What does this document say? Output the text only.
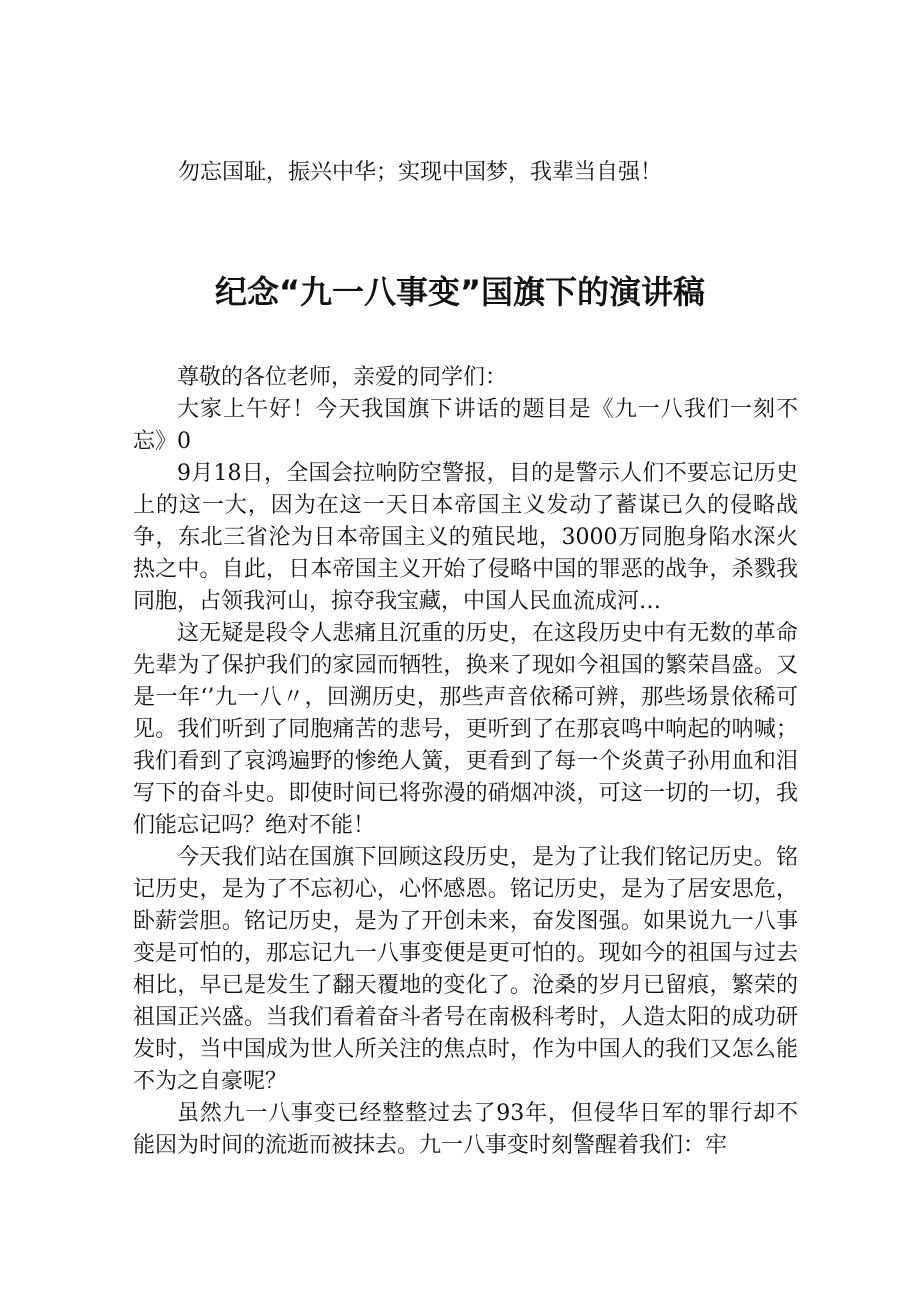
勿忘国耻，振兴中华；实现中国梦，我辈当自强！

纪念“九一八事变”国旗下的演讲稿

尊敬的各位老师，亲爱的同学们：

大家上午好！今天我国旗下讲话的题目是《九一八我们一刻不忘》0

9月18日，全国会拉响防空警报，目的是警示人们不要忘记历史上的这一大，因为在这一天日本帝国主义发动了蓄谋已久的侵略战争，东北三省沦为日本帝国主义的殖民地，3000万同胞身陷水深火热之中。自此，日本帝国主义开始了侵略中国的罪恶的战争，杀戮我同胞，占领我河山，掠夺我宝藏，中国人民血流成河…

这无疑是段令人悲痛且沉重的历史，在这段历史中有无数的革命先辈为了保护我们的家园而牺牲，换来了现如今祖国的繁荣昌盛。又是一年‘’九一八〃，回溯历史，那些声音依稀可辨，那些场景依稀可见。我们听到了同胞痛苦的悲号，更听到了在那哀鸣中响起的呐喊；我们看到了哀鸿遍野的惨绝人簧，更看到了每一个炎黄子孙用血和泪写下的奋斗史。即使时间已将弥漫的硝烟冲淡，可这一切的一切，我们能忘记吗？绝对不能！

今天我们站在国旗下回顾这段历史，是为了让我们铭记历史。铭记历史，是为了不忘初心，心怀感恩。铭记历史，是为了居安思危，卧薪尝胆。铭记历史，是为了开创未来，奋发图强。如果说九一八事变是可怕的，那忘记九一八事变便是更可怕的。现如今的祖国与过去相比，早已是发生了翻天覆地的变化了。沧桑的岁月已留痕，繁荣的祖国正兴盛。当我们看着奋斗者号在南极科考时，人造太阳的成功研发时，当中国成为世人所关注的焦点时，作为中国人的我们又怎么能不为之自豪呢？

虽然九一八事变已经整整过去了93年，但侵华日军的罪行却不能因为时间的流逝而被抹去。九一八事变时刻警醒着我们：牢
